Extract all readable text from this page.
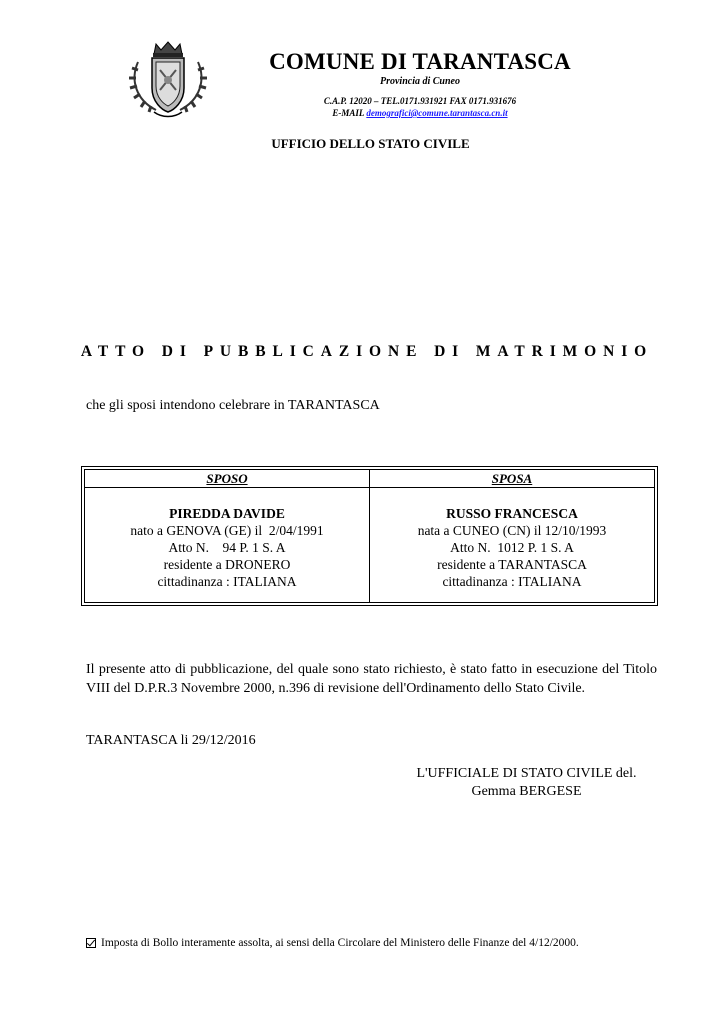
COMUNE DI TARANTASCA
Provincia di Cuneo
C.A.P. 12020 – TEL.0171.931921 FAX 0171.931676
E-MAIL demografici@comune.tarantasca.cn.it
UFFICIO DELLO STATO CIVILE
ATTO DI PUBBLICAZIONE DI MATRIMONIO
che gli sposi intendono celebrare in TARANTASCA
SPOSO
PIREDDA DAVIDE
nato a GENOVA (GE) il  2/04/1991
Atto N.    94 P. 1 S. A
residente a DRONERO
cittadinanza : ITALIANA
SPOSA
RUSSO FRANCESCA
nata a CUNEO (CN) il 12/10/1993
Atto N.  1012 P. 1 S. A
residente a TARANTASCA
cittadinanza : ITALIANA
Il presente atto di pubblicazione, del quale sono stato richiesto, è stato fatto in esecuzione del Titolo VIII del D.P.R.3 Novembre 2000, n.396 di revisione dell'Ordinamento dello Stato Civile.
TARANTASCA li 29/12/2016
L'UFFICIALE DI STATO CIVILE del.
Gemma BERGESE
Imposta di Bollo interamente assolta, ai sensi della Circolare del Ministero delle Finanze del 4/12/2000.
